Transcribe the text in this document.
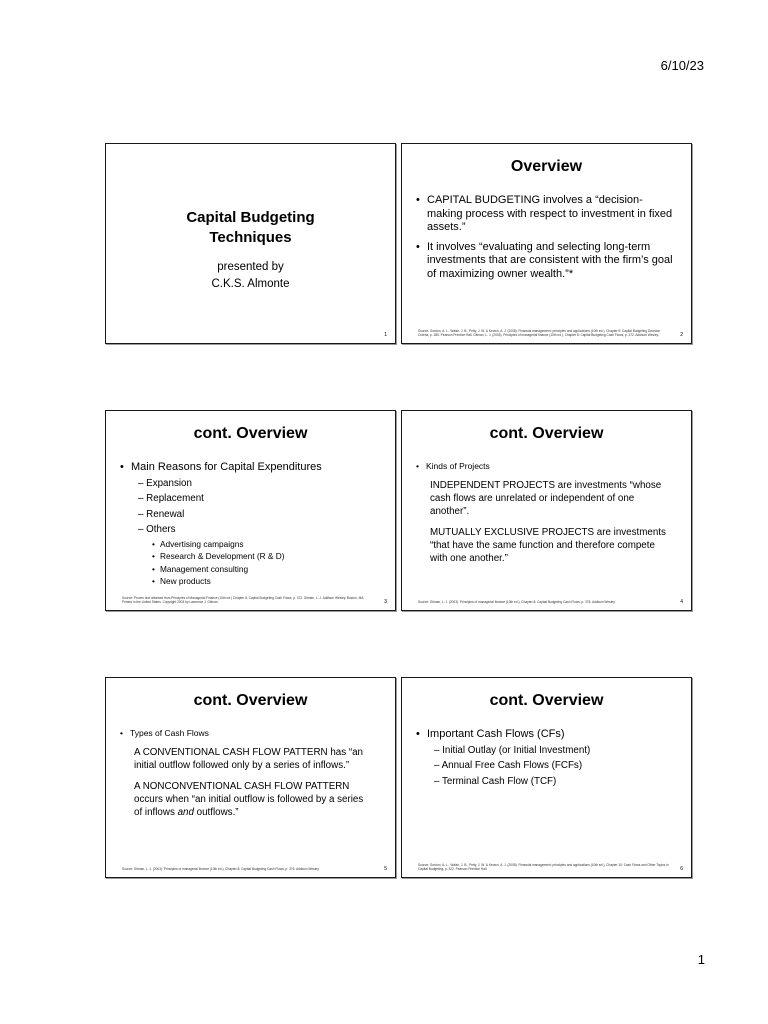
6/10/23
Capital Budgeting
Techniques
presented by
C.K.S. Almonte
1
Overview
• CAPITAL BUDGETING involves a “decision-making process with respect to investment in fixed assets.”
• It involves “evaluating and selecting long-term investments that are consistent with the firm’s goal of maximizing owner wealth.”*
Source: Gordon, A. L., Walsh, J. B., Petty, J. W. & Keown, A. J. (2008). Financial management: principles and applications (10th ed.), Chapter 9: Capital Budgeting Decision Criteria, p. 280. Pearson Prentice Hall. Gitman, L. J. (2003). Principles of managerial finance (10th ed.), Chapter 8: Capital Budgeting Cash Flows, p. 372. Addison Wesley.	2
cont. Overview
• Main Reasons for Capital Expenditures
– Expansion
– Replacement
– Renewal
– Others
• Advertising campaigns
• Research & Development (R & D)
• Management consulting
• New products
Source: Proven text obtained from Principles of Managerial Finance (10th ed.) Chapter 8: Capital Budgeting Cash Flows, p. 373. Gitman, L. J. Addison Wesley. Boston, MA. Printed in the United States. Copyright 2003 by Lawrence J. Gitman.	3
cont. Overview
• Kinds of Projects
INDEPENDENT PROJECTS are investments “whose cash flows are unrelated or independent of one another”.
MUTUALLY EXCLUSIVE PROJECTS are investments “that have the same function and therefore compete with one another.”
Source: Gitman, L. J. (2003). Principles of managerial finance (10th ed.), Chapter 8: Capital Budgeting Cash Flows, p. 375. Addison Wesley.	4
cont. Overview
• Types of Cash Flows
A CONVENTIONAL CASH FLOW PATTERN has “an initial outflow followed only by a series of inflows.”
A NONCONVENTIONAL CASH FLOW PATTERN occurs when “an initial outflow is followed by a series of inflows and outflows.”
Source: Gitman, L. J. (2003). Principles of managerial finance (10th ed.), Chapter 8: Capital Budgeting Cash Flows, p. 376. Addison Wesley.	5
cont. Overview
• Important Cash Flows (CFs)
– Initial Outlay (or Initial Investment)
– Annual Free Cash Flows (FCFs)
– Terminal Cash Flow (TCF)
Source: Gordon, A. L., Walsh, J. B., Petty, J. W. & Keown, A. J. (2008). Financial management: principles and applications (10th ed.), Chapter 10: Cash Flows and Other Topics in Capital Budgeting, p. 322. Pearson Prentice Hall.	6
1
